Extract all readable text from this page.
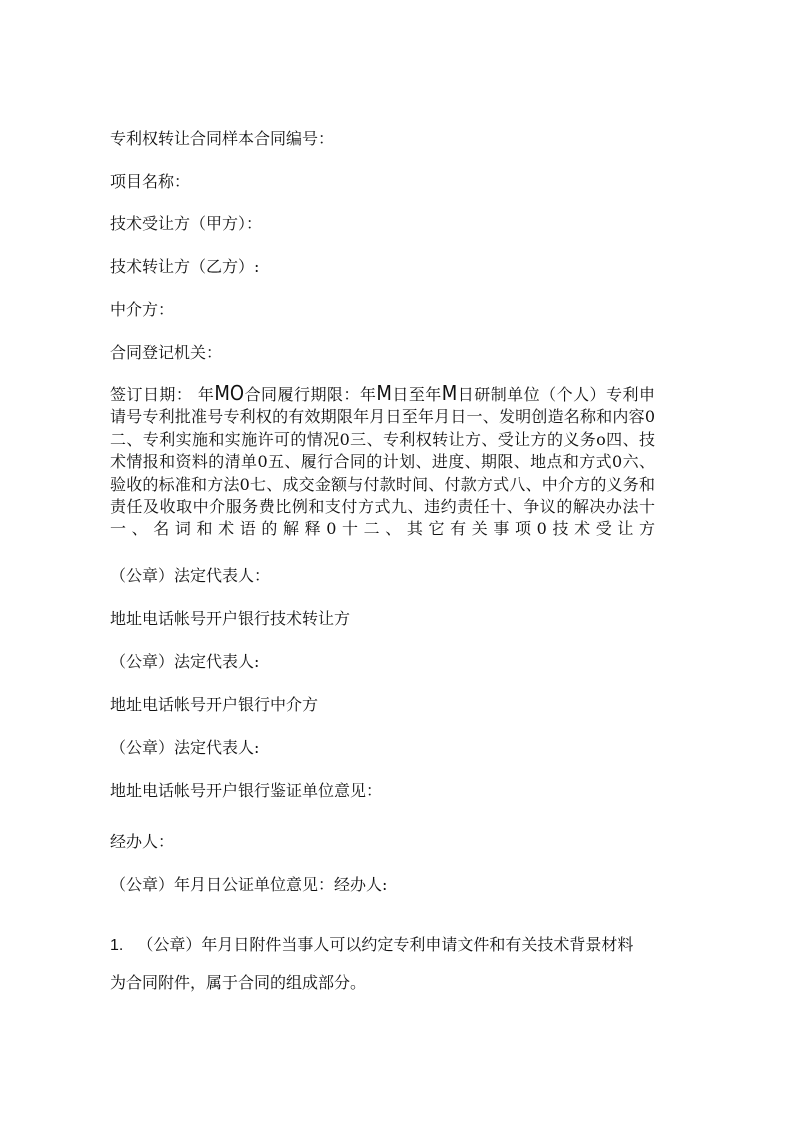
专利权转让合同样本合同编号：
项目名称：
技术受让方（甲方）：
技术转让方（乙方）:
中介方：
合同登记机关：
签订日期： 年MO合同履行期限：年M日至年M日研制单位（个人）专利申请号专利批准号专利权的有效期限年月日至年月日一、发明创造名称和内容0二、专利实施和实施许可的情况0三、专利权转让方、受让方的义务o四、技术情报和资料的清单0五、履行合同的计划、进度、期限、地点和方式0六、验收的标准和方法0七、成交金额与付款时间、付款方式八、中介方的义务和责任及收取中介服务费比例和支付方式九、违约责任十、争议的解决办法十一、名词和术语的解释0十二、其它有关事项0技术受让方
（公章）法定代表人：
地址电话帐号开户银行技术转让方
（公章）法定代表人:
地址电话帐号开户银行中介方
（公章）法定代表人:
地址电话帐号开户银行鉴证单位意见：
经办人：
（公章）年月日公证单位意见：经办人:
1. （公章）年月日附件当事人可以约定专利申请文件和有关技术背景材料
为合同附件，属于合同的组成部分。
